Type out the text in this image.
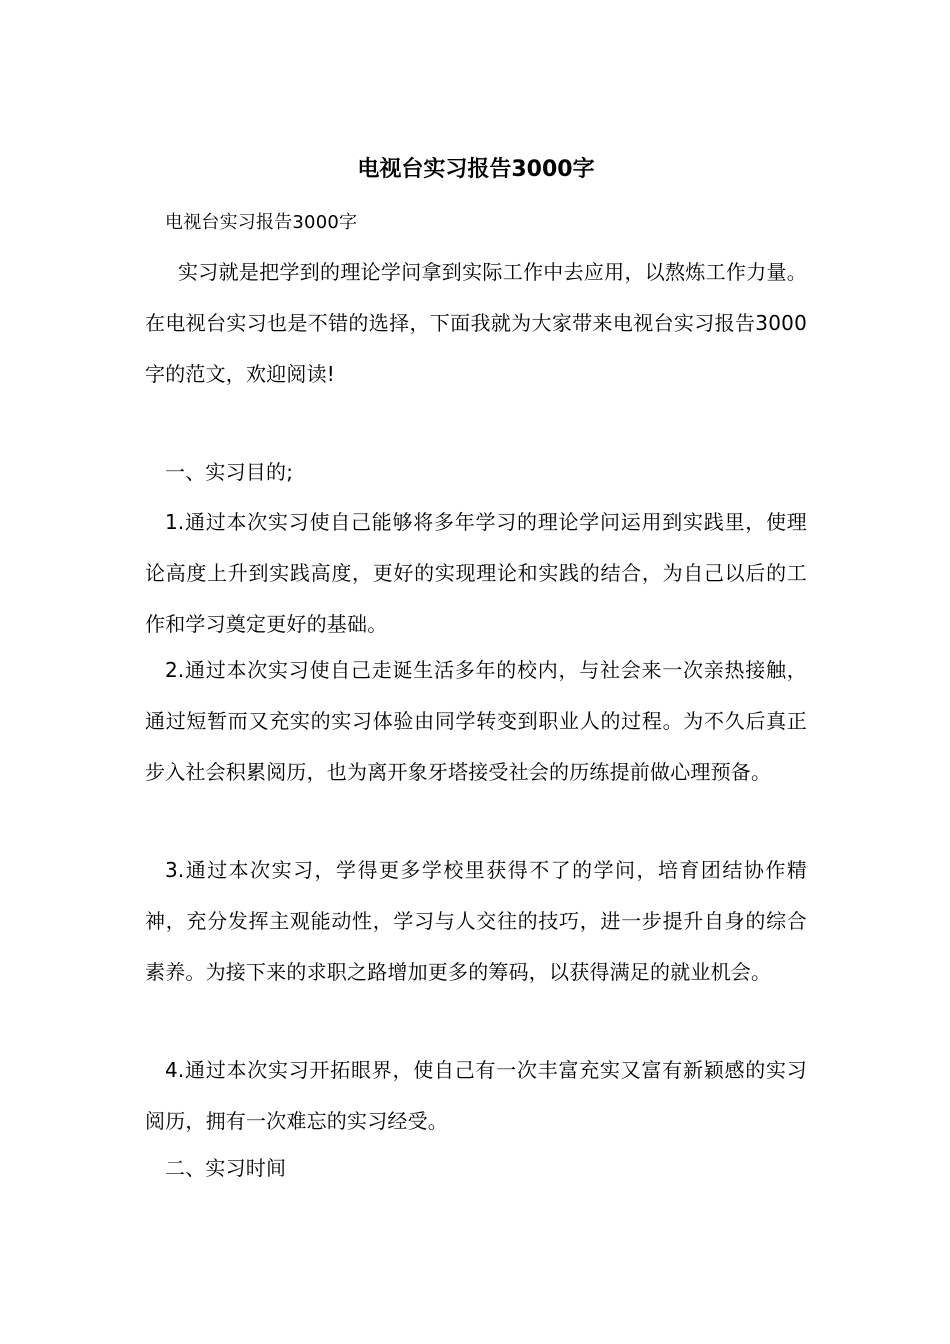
电视台实习报告3000字

电视台实习报告3000字

实习就是把学到的理论学问拿到实际工作中去应用，以熬炼工作力量。在电视台实习也是不错的选择，下面我就为大家带来电视台实习报告3000字的范文，欢迎阅读!

一、实习目的;

1.通过本次实习使自己能够将多年学习的理论学问运用到实践里，使理论高度上升到实践高度，更好的实现理论和实践的结合，为自己以后的工作和学习奠定更好的基础。

2.通过本次实习使自己走诞生活多年的校内，与社会来一次亲热接触，通过短暂而又充实的实习体验由同学转变到职业人的过程。为不久后真正步入社会积累阅历，也为离开象牙塔接受社会的历练提前做心理预备。

3.通过本次实习，学得更多学校里获得不了的学问，培育团结协作精神，充分发挥主观能动性，学习与人交往的技巧，进一步提升自身的综合素养。为接下来的求职之路增加更多的筹码，以获得满足的就业机会。

4.通过本次实习开拓眼界，使自己有一次丰富充实又富有新颖感的实习阅历，拥有一次难忘的实习经受。

二、实习时间
